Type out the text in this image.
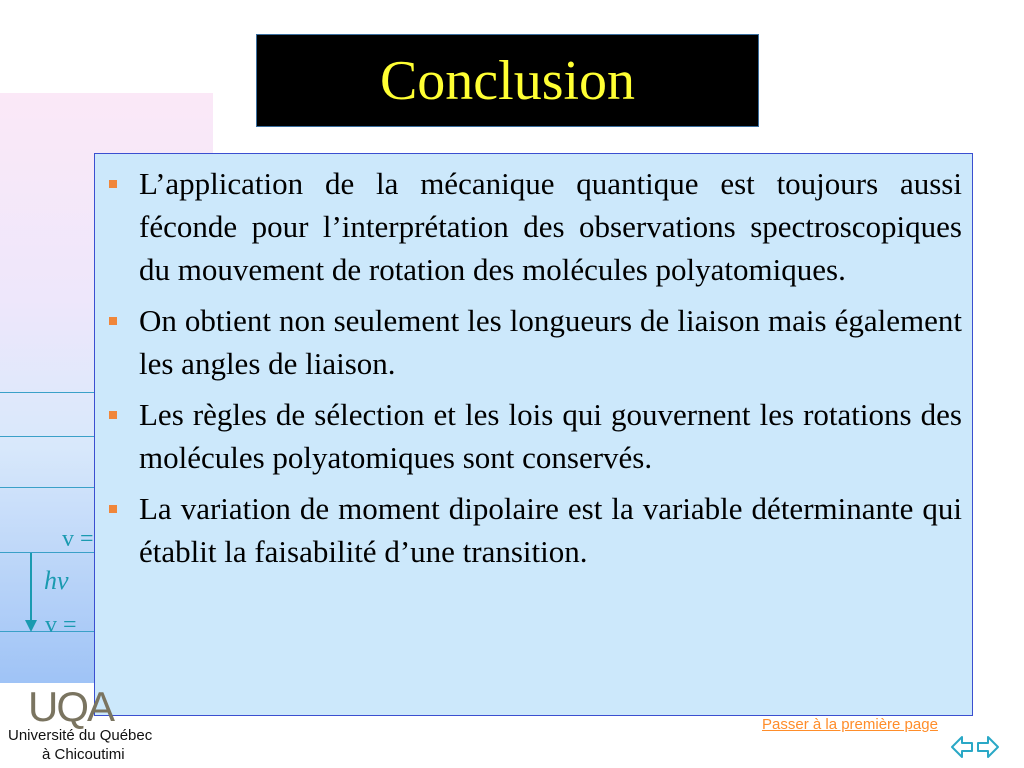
v =
v =
hν
Conclusion
L’application de la mécanique quantique est toujours aussi féconde pour l’interprétation des observations spectroscopiques du mouvement de rotation des molécules polyatomiques.
On obtient non seulement les longueurs de liaison mais également les angles de liaison.
Les règles de sélection et les lois qui gouvernent les rotations des molécules polyatomiques sont conservés.
La variation de moment dipolaire est la variable déterminante qui établit la faisabilité d’une transition.
UQA
Université du Québec
à Chicoutimi
Passer à la première page
